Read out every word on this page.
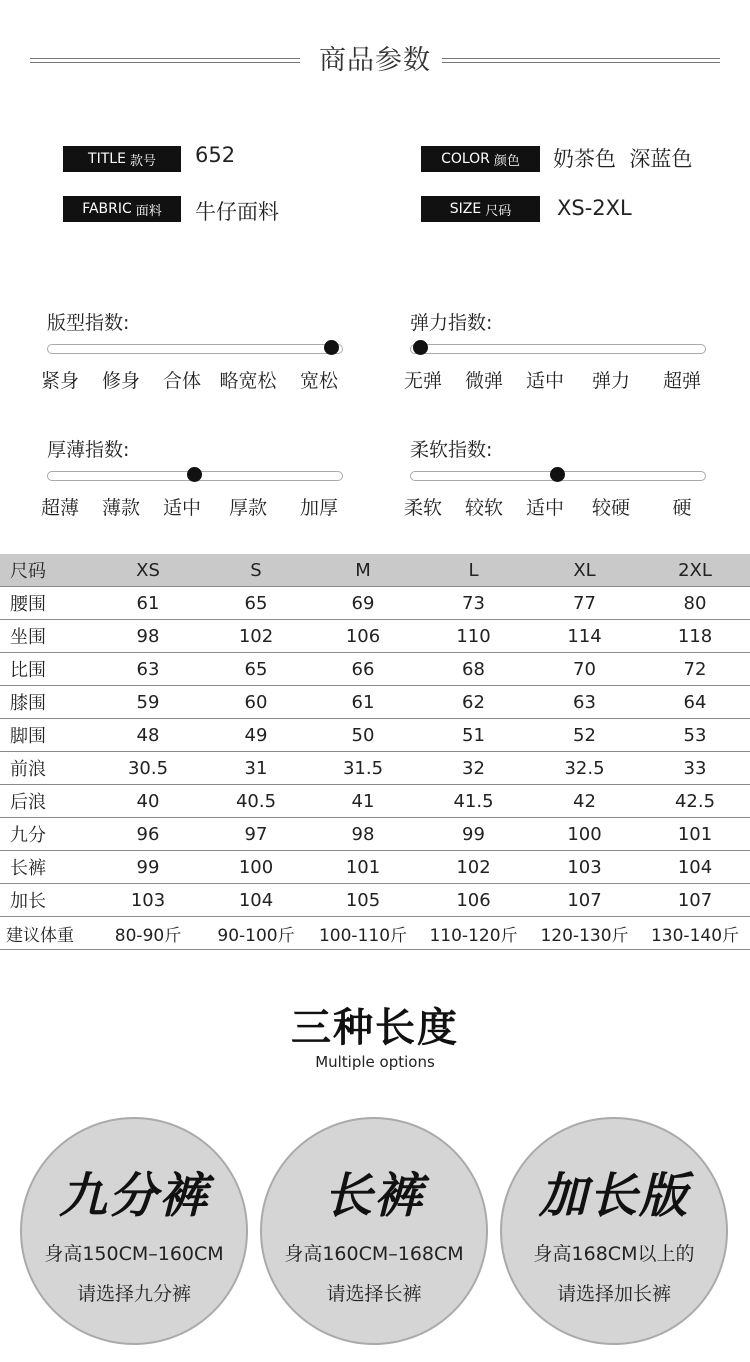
商品参数
TITLE 款号 652	COLOR 颜色 奶茶色  深蓝色
FABRIC 面料 牛仔面料	SIZE 尺码 XS-2XL
版型指数:
紧身	修身	合体 略宽松	宽松
弹力指数:
无弹	微弹	适中	弹力	超弹
厚薄指数:
超薄	薄款	适中	厚款	加厚
柔软指数:
柔软	较软	适中	较硬	硬
尺码	XS	S	M	L	XL	2XL
腰围	61	65	69	73	77	80
坐围	98	102	106	110	114	118
比围	63	65	66	68	70	72
膝围	59	60	61	62	63	64
脚围	48	49	50	51	52	53
前浪	30.5	31	31.5	32	32.5	33
后浪	40	40.5	41	41.5	42	42.5
九分	96	97	98	99	100	101
长裤	99	100	101	102	103	104
加长	103	104	105	106	107	107
建议体重	80-90斤	90-100斤	100-110斤	110-120斤	120-130斤	130-140斤
三种长度
Multiple options
九分裤
身高150CM–160CM
请选择九分裤
长裤
身高160CM–168CM
请选择长裤
加长版
身高168CM以上的
请选择加长裤
